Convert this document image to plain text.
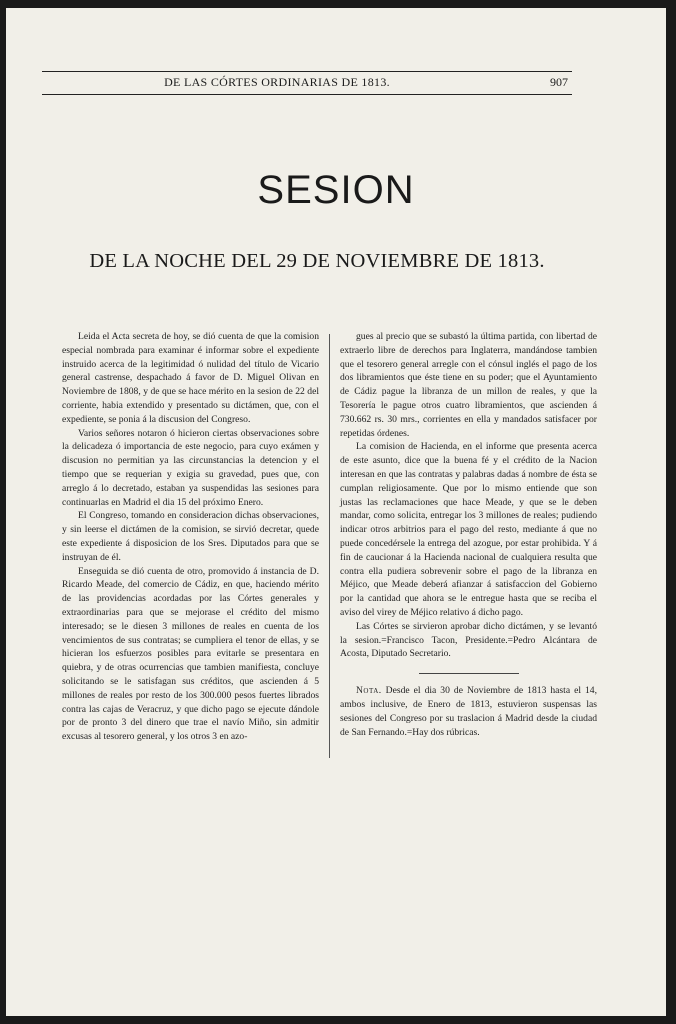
DE LAS CÓRTES ORDINARIAS DE 1813.	907
SESION
DE LA NOCHE DEL 29 DE NOVIEMBRE DE 1813.

Leida el Acta secreta de hoy, se dió cuenta de que la comision especial nombrada para examinar é informar sobre el expediente instruido acerca de la legitimidad ó nulidad del título de Vicario general castrense, despachado á favor de D. Miguel Olivan en Noviembre de 1808, y de que se hace mérito en la sesion de 22 del corriente, habia extendido y presentado su dictámen, que, con el expediente, se ponia á la discusion del Congreso.

Varios señores notaron ó hicieron ciertas observaciones sobre la delicadeza ó importancia de este negocio, para cuyo exámen y discusion no permitian ya las circunstancias la detencion y el tiempo que se requerian y exigia su gravedad, pues que, con arreglo á lo decretado, estaban ya suspendidas las sesiones para continuarlas en Madrid el dia 15 del próximo Enero.

El Congreso, tomando en consideracion dichas observaciones, y sin leerse el dictámen de la comision, se sirvió decretar, quede este expediente á disposicion de los Sres. Diputados para que se instruyan de él.

Enseguida se dió cuenta de otro, promovido á instancia de D. Ricardo Meade, del comercio de Cádiz, en que, haciendo mérito de las providencias acordadas por las Córtes generales y extraordinarias para que se mejorase el crédito del mismo interesado; se le diesen 3 millones de reales en cuenta de los vencimientos de sus contratas; se cumpliera el tenor de ellas, y se hicieran los esfuerzos posibles para evitarle se presentara en quiebra, y de otras ocurrencias que tambien manifiesta, concluye solicitando se le satisfagan sus créditos, que ascienden á 5 millones de reales por resto de los 300.000 pesos fuertes librados contra las cajas de Veracruz, y que dicho pago se ejecute dándole por de pronto 3 del dinero que trae el navío Miño, sin admitir excusas al tesorero general, y los otros 3 en azo-

gues al precio que se subastó la última partida, con libertad de extraerlo libre de derechos para Inglaterra, mandándose tambien que el tesorero general arregle con el cónsul inglés el pago de los dos libramientos que éste tiene en su poder; que el Ayuntamiento de Cádiz pague la libranza de un millon de reales, y que la Tesorería le pague otros cuatro libramientos, que ascienden á 730.662 rs. 30 mrs., corrientes en ella y mandados satisfacer por repetidas órdenes.

La comision de Hacienda, en el informe que presenta acerca de este asunto, dice que la buena fé y el crédito de la Nacion interesan en que las contratas y palabras dadas á nombre de ésta se cumplan religiosamente. Que por lo mismo entiende que son justas las reclamaciones que hace Meade, y que se le deben mandar, como solicita, entregar los 3 millones de reales; pudiendo indicar otros arbitrios para el pago del resto, mediante á que no puede concedérsele la entrega del azogue, por estar prohibida. Y á fin de caucionar á la Hacienda nacional de cualquiera resulta que contra ella pudiera sobrevenir sobre el pago de la libranza en Méjico, que Meade deberá afianzar á satisfaccion del Gobierno por la cantidad que ahora se le entregue hasta que se reciba el aviso del virey de Méjico relativo á dicho pago.

Las Córtes se sirvieron aprobar dicho dictámen, y se levantó la sesion.=Francisco Tacon, Presidente.=Pedro Alcántara de Acosta, Diputado Secretario.

Nota. Desde el dia 30 de Noviembre de 1813 hasta el 14, ambos inclusive, de Enero de 1813, estuvieron suspensas las sesiones del Congreso por su traslacion á Madrid desde la ciudad de San Fernando.=Hay dos rúbricas.
